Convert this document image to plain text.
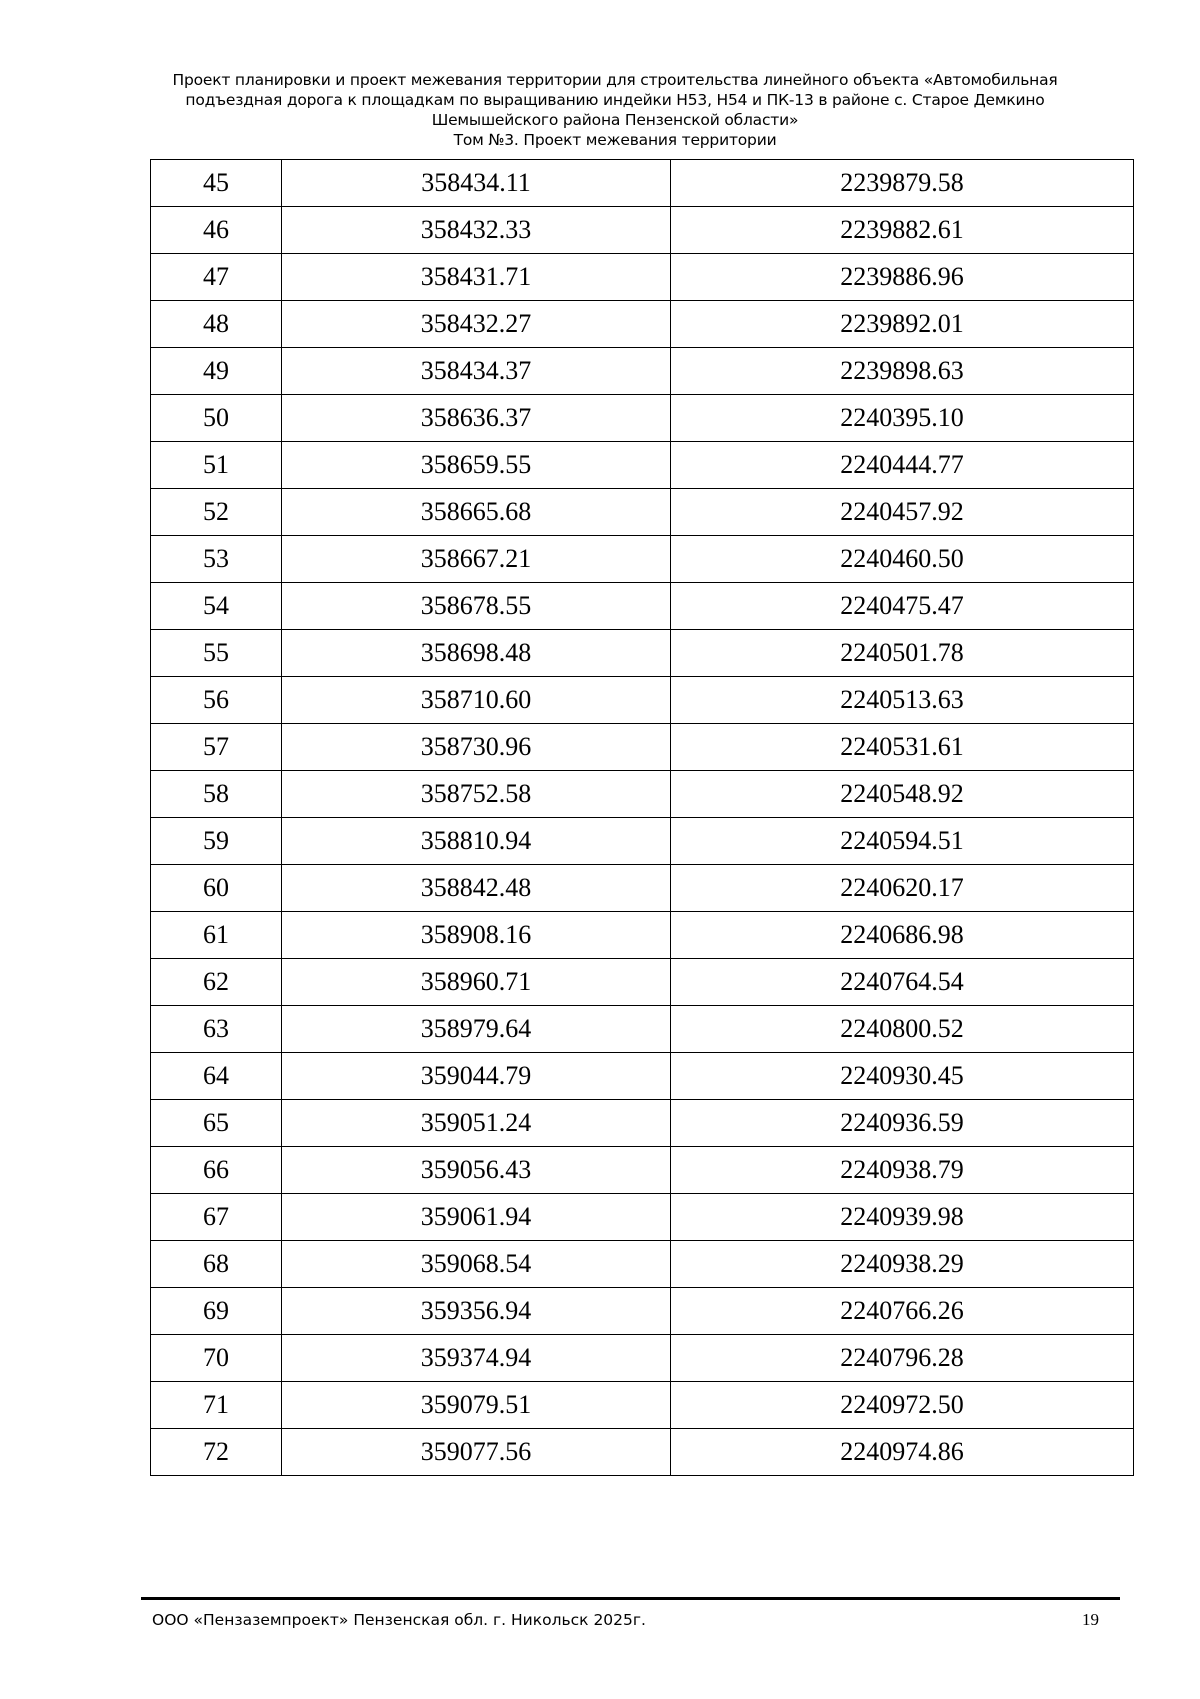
Проект планировки и проект межевания территории для строительства линейного объекта «Автомобильная
подъездная дорога к площадкам по выращиванию индейки Н53, Н54 и ПК-13 в районе с. Старое Демкино
Шемышейского района Пензенской области»
Том №3. Проект межевания территории
45	358434.11	2239879.58
46	358432.33	2239882.61
47	358431.71	2239886.96
48	358432.27	2239892.01
49	358434.37	2239898.63
50	358636.37	2240395.10
51	358659.55	2240444.77
52	358665.68	2240457.92
53	358667.21	2240460.50
54	358678.55	2240475.47
55	358698.48	2240501.78
56	358710.60	2240513.63
57	358730.96	2240531.61
58	358752.58	2240548.92
59	358810.94	2240594.51
60	358842.48	2240620.17
61	358908.16	2240686.98
62	358960.71	2240764.54
63	358979.64	2240800.52
64	359044.79	2240930.45
65	359051.24	2240936.59
66	359056.43	2240938.79
67	359061.94	2240939.98
68	359068.54	2240938.29
69	359356.94	2240766.26
70	359374.94	2240796.28
71	359079.51	2240972.50
72	359077.56	2240974.86
ООО «Пензаземпроект» Пензенская обл. г. Никольск 2025г.	19
